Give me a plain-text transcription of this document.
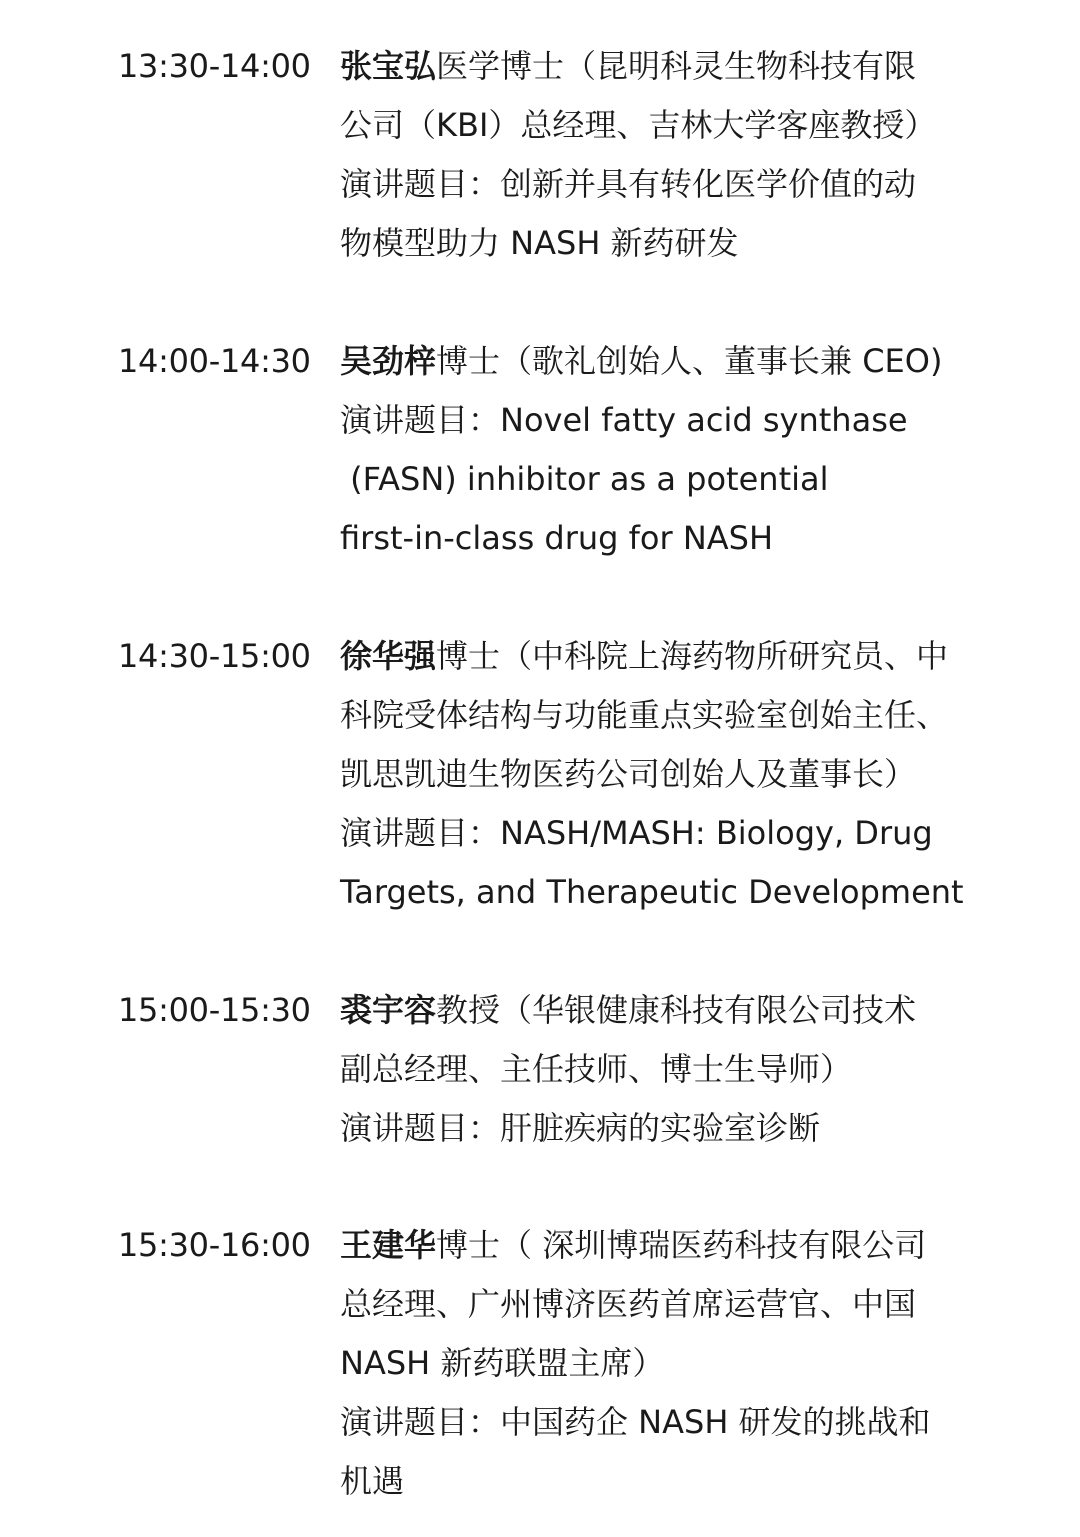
13:30-14:00 张宝弘医学博士（昆明科灵生物科技有限
公司（KBI）总经理、吉林大学客座教授）
演讲题目：创新并具有转化医学价值的动
物模型助力 NASH 新药研发
14:00-14:30 吴劲梓博士（歌礼创始人、董事长兼 CEO)
演讲题目：Novel fatty acid synthase
(FASN) inhibitor as a potential
first-in-class drug for NASH
14:30-15:00 徐华强博士（中科院上海药物所研究员、中
科院受体结构与功能重点实验室创始主任、
凯思凯迪生物医药公司创始人及董事长）
演讲题目：NASH/MASH: Biology, Drug
Targets, and Therapeutic Development
15:00-15:30 裘宇容教授（华银健康科技有限公司技术
副总经理、主任技师、博士生导师）
演讲题目：肝脏疾病的实验室诊断
15:30-16:00 王建华博士（ 深圳博瑞医药科技有限公司
总经理、广州博济医药首席运营官、中国
NASH 新药联盟主席）
演讲题目：中国药企 NASH 研发的挑战和
机遇
